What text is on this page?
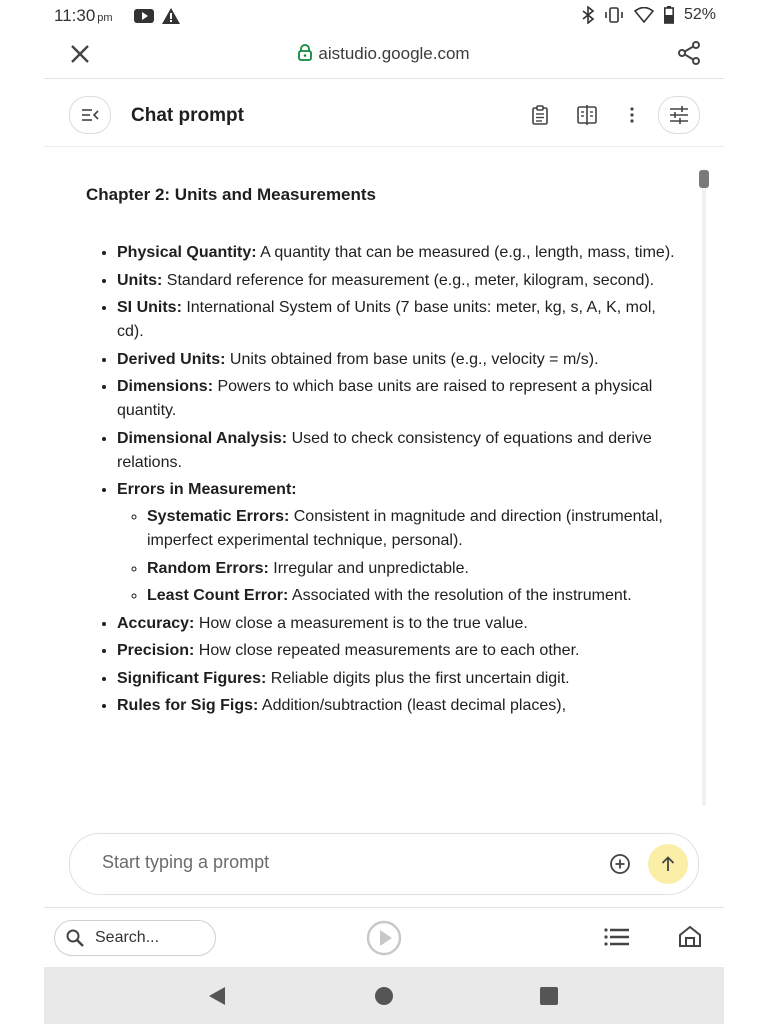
11:30 pm	52%
aistudio.google.com
Chat prompt
Chapter 2: Units and Measurements
• Physical Quantity: A quantity that can be measured (e.g., length, mass, time).
• Units: Standard reference for measurement (e.g., meter, kilogram, second).
• SI Units: International System of Units (7 base units: meter, kg, s, A, K, mol, cd).
• Derived Units: Units obtained from base units (e.g., velocity = m/s).
• Dimensions: Powers to which base units are raised to represent a physical quantity.
• Dimensional Analysis: Used to check consistency of equations and derive relations.
• Errors in Measurement:
◦ Systematic Errors: Consistent in magnitude and direction (instrumental, imperfect experimental technique, personal).
◦ Random Errors: Irregular and unpredictable.
◦ Least Count Error: Associated with the resolution of the instrument.
• Accuracy: How close a measurement is to the true value.
• Precision: How close repeated measurements are to each other.
• Significant Figures: Reliable digits plus the first uncertain digit.
• Rules for Sig Figs: Addition/subtraction (least decimal places),
Start typing a prompt
Search...
